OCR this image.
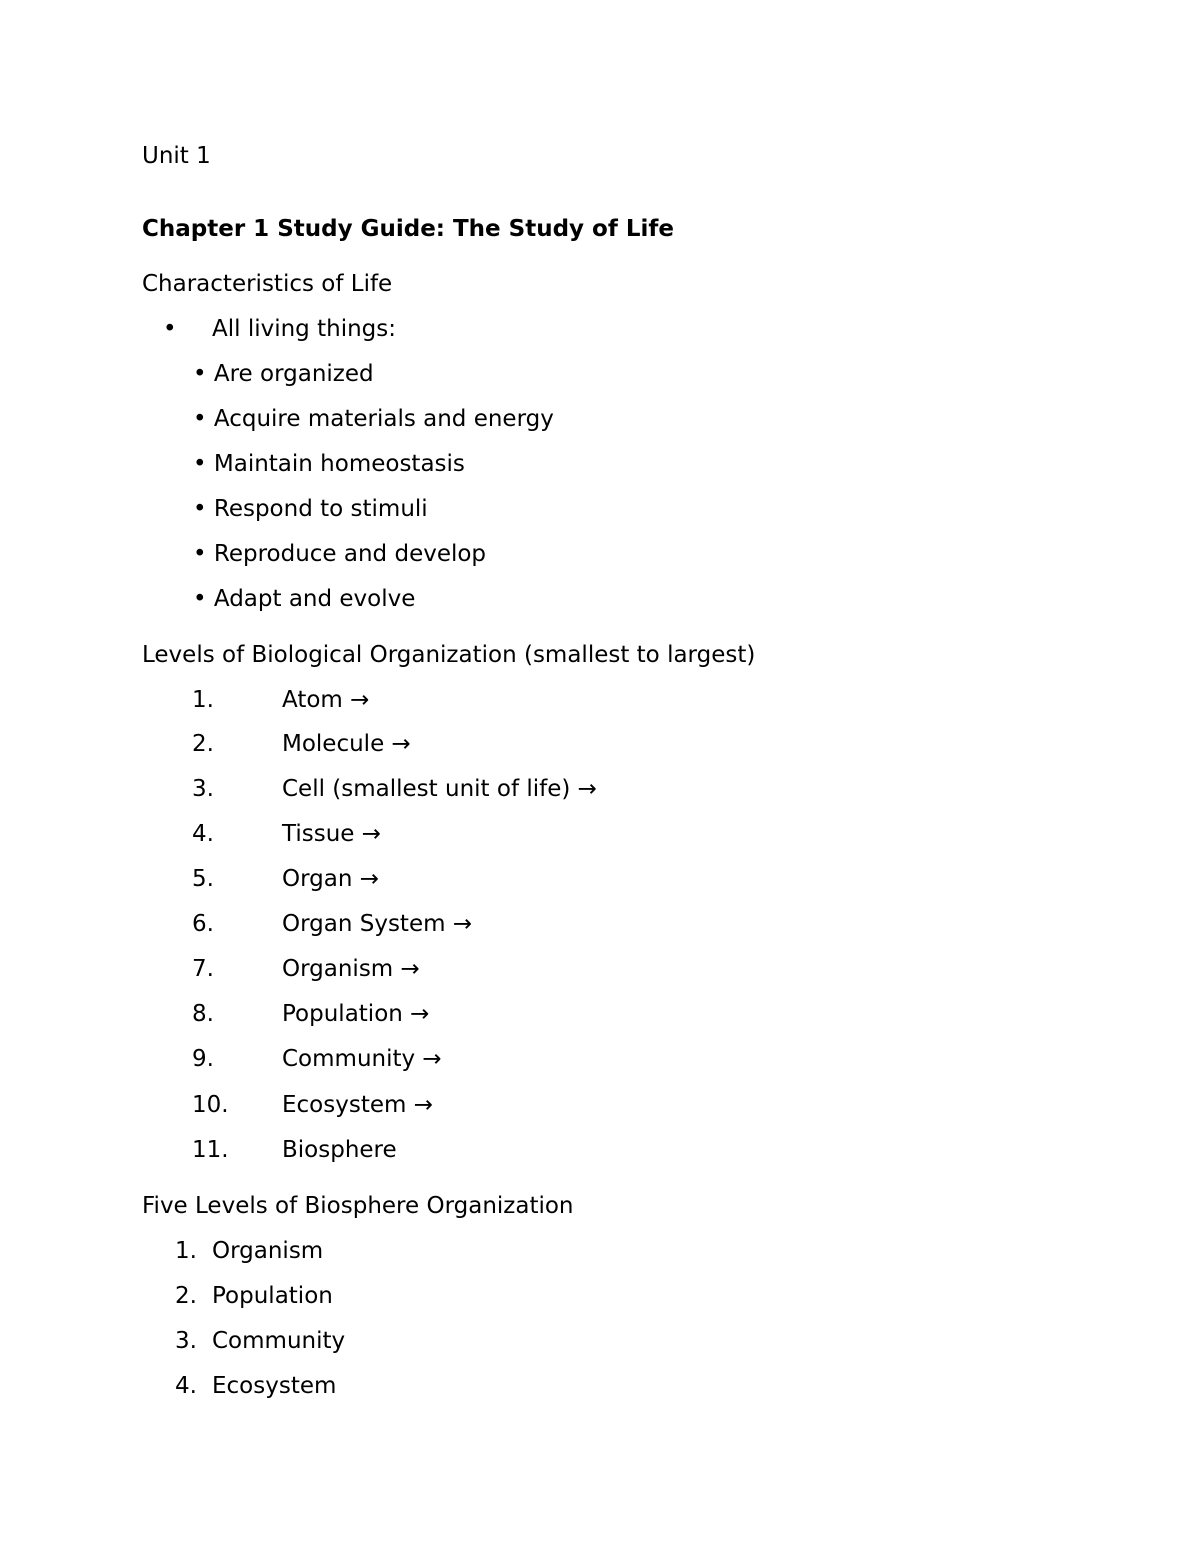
Unit 1
Chapter 1 Study Guide: The Study of Life
Characteristics of Life
• All living things:
• Are organized
• Acquire materials and energy
• Maintain homeostasis
• Respond to stimuli
• Reproduce and develop
• Adapt and evolve
Levels of Biological Organization (smallest to largest)
1.	Atom →
2.	Molecule →
3.	Cell (smallest unit of life) →
4.	Tissue →
5.	Organ →
6.	Organ System →
7.	Organism →
8.	Population →
9.	Community →
10. Ecosystem →
11. Biosphere
Five Levels of Biosphere Organization
1. Organism
2. Population
3. Community
4. Ecosystem
